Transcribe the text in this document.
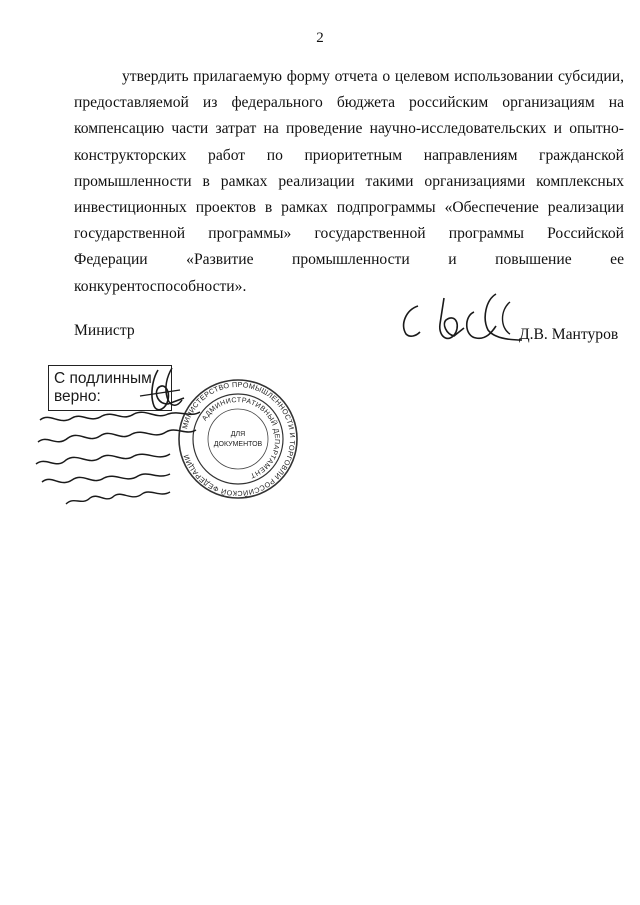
2

утвердить прилагаемую форму отчета о целевом использовании субсидии, предоставляемой из федерального бюджета российским организациям на компенсацию части затрат на проведение научно-исследовательских и опытно-конструкторских работ по приоритетным направлениям гражданской промышленности в рамках реализации такими организациями комплексных инвестиционных проектов в рамках подпрограммы «Обеспечение реализации государственной программы» государственной программы Российской Федерации «Развитие промышленности и повышение ее конкурентоспособности».

Министр	Д.В. Мантуров
С подлинным
верно:
МИНИСТЕРСТВО ПРОМЫШЛЕННОСТИ И ТОРГОВЛИ РОССИЙСКОЙ ФЕДЕРАЦИИ
АДМИНИСТРАТИВНЫЙ ДЕПАРТАМЕНТ
ДЛЯ
ДОКУМЕНТОВ
